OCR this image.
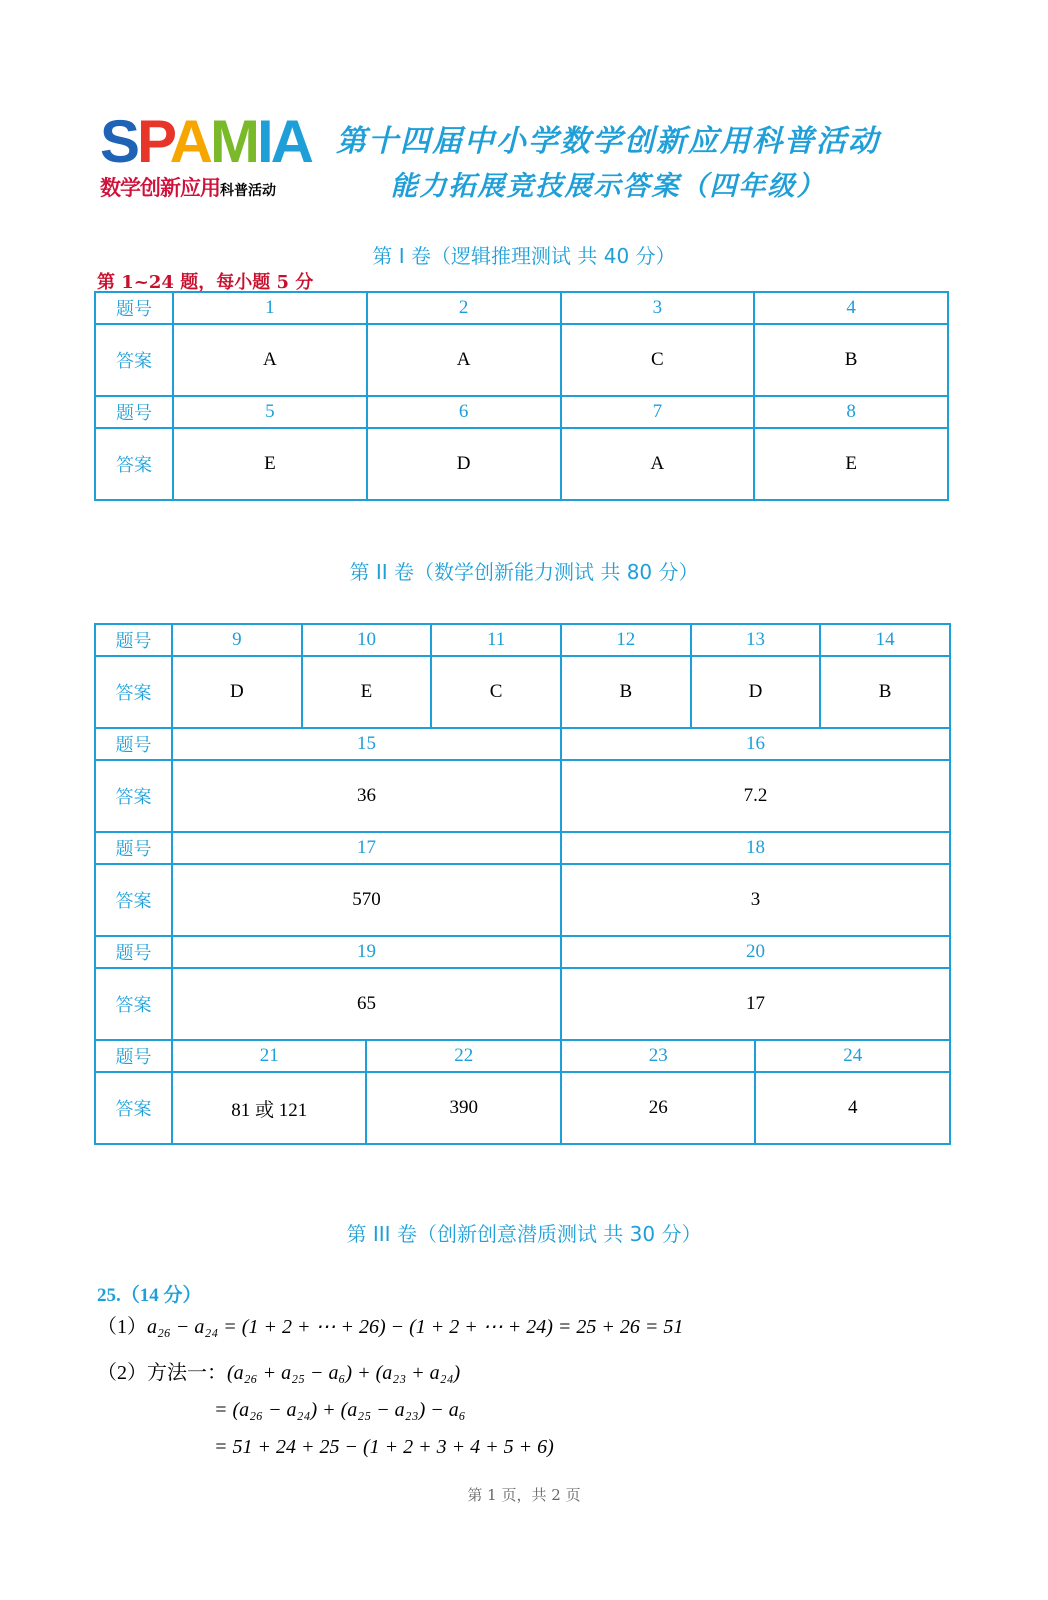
SPAMIA
数学创新应用科普活动
第十四届中小学数学创新应用科普活动
能力拓展竞技展示答案（四年级）
第 I 卷（逻辑推理测试 共 40 分）
第 1~24 题，每小题 5 分
题号	1	2	3	4
答案	A	A	C	B
题号	5	6	7	8
答案	E	D	A	E
第 II 卷（数学创新能力测试 共 80 分）
题号	9	10		11	12	13		14
答案	D	E		C	B	D		B
题号	15				16			
答案	36				7.2			
题号	17				18			
答案	570				3			
题号	19				20			
答案	65				17			
题号	21		22		23		24	
答案	81 或 121		390		26		4	
第 III 卷（创新创意潜质测试 共 30 分）
25.（14 分）
（1）a₂₆ − a₂₄ = (1 + 2 + ⋯ + 26) − (1 + 2 + ⋯ + 24) = 25 + 26 = 51
（2）方法一：(a₂₆ + a₂₅ − a₆) + (a₂₃ + a₂₄)
= (a₂₆ − a₂₄) + (a₂₅ − a₂₃) − a₆
= 51 + 24 + 25 − (1 + 2 + 3 + 4 + 5 + 6)
第 1 页，共 2 页
